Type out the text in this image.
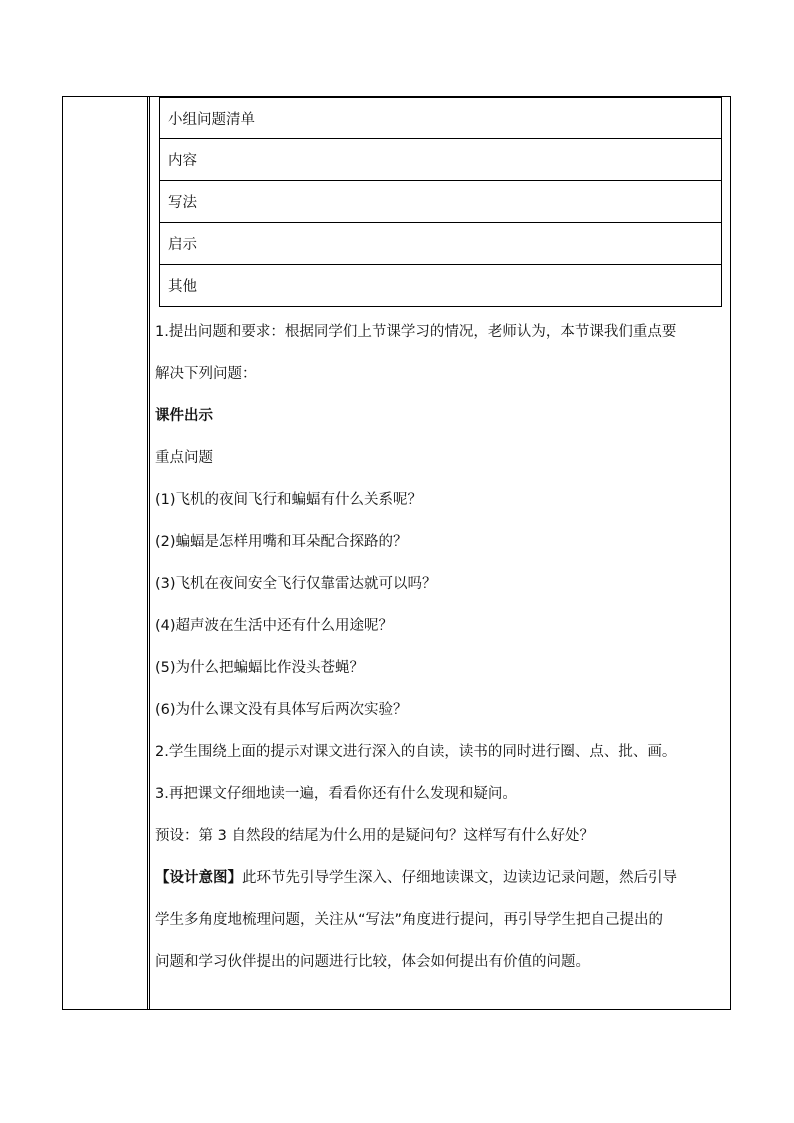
小组问题清单
内容
写法
启示
其他
1.提出问题和要求：根据同学们上节课学习的情况，老师认为，本节课我们重点要
解决下列问题：
课件出示
重点问题
(1)飞机的夜间飞行和蝙蝠有什么关系呢？
(2)蝙蝠是怎样用嘴和耳朵配合探路的？
(3)飞机在夜间安全飞行仅靠雷达就可以吗？
(4)超声波在生活中还有什么用途呢？
(5)为什么把蝙蝠比作没头苍蝇？
(6)为什么课文没有具体写后两次实验？
2.学生围绕上面的提示对课文进行深入的自读，读书的同时进行圈、点、批、画。
3.再把课文仔细地读一遍，看看你还有什么发现和疑问。
预设：第 3 自然段的结尾为什么用的是疑问句？这样写有什么好处？
【设计意图】此环节先引导学生深入、仔细地读课文，边读边记录问题，然后引导
学生多角度地梳理问题，关注从“写法”角度进行提问，再引导学生把自己提出的
问题和学习伙伴提出的问题进行比较，体会如何提出有价值的问题。
